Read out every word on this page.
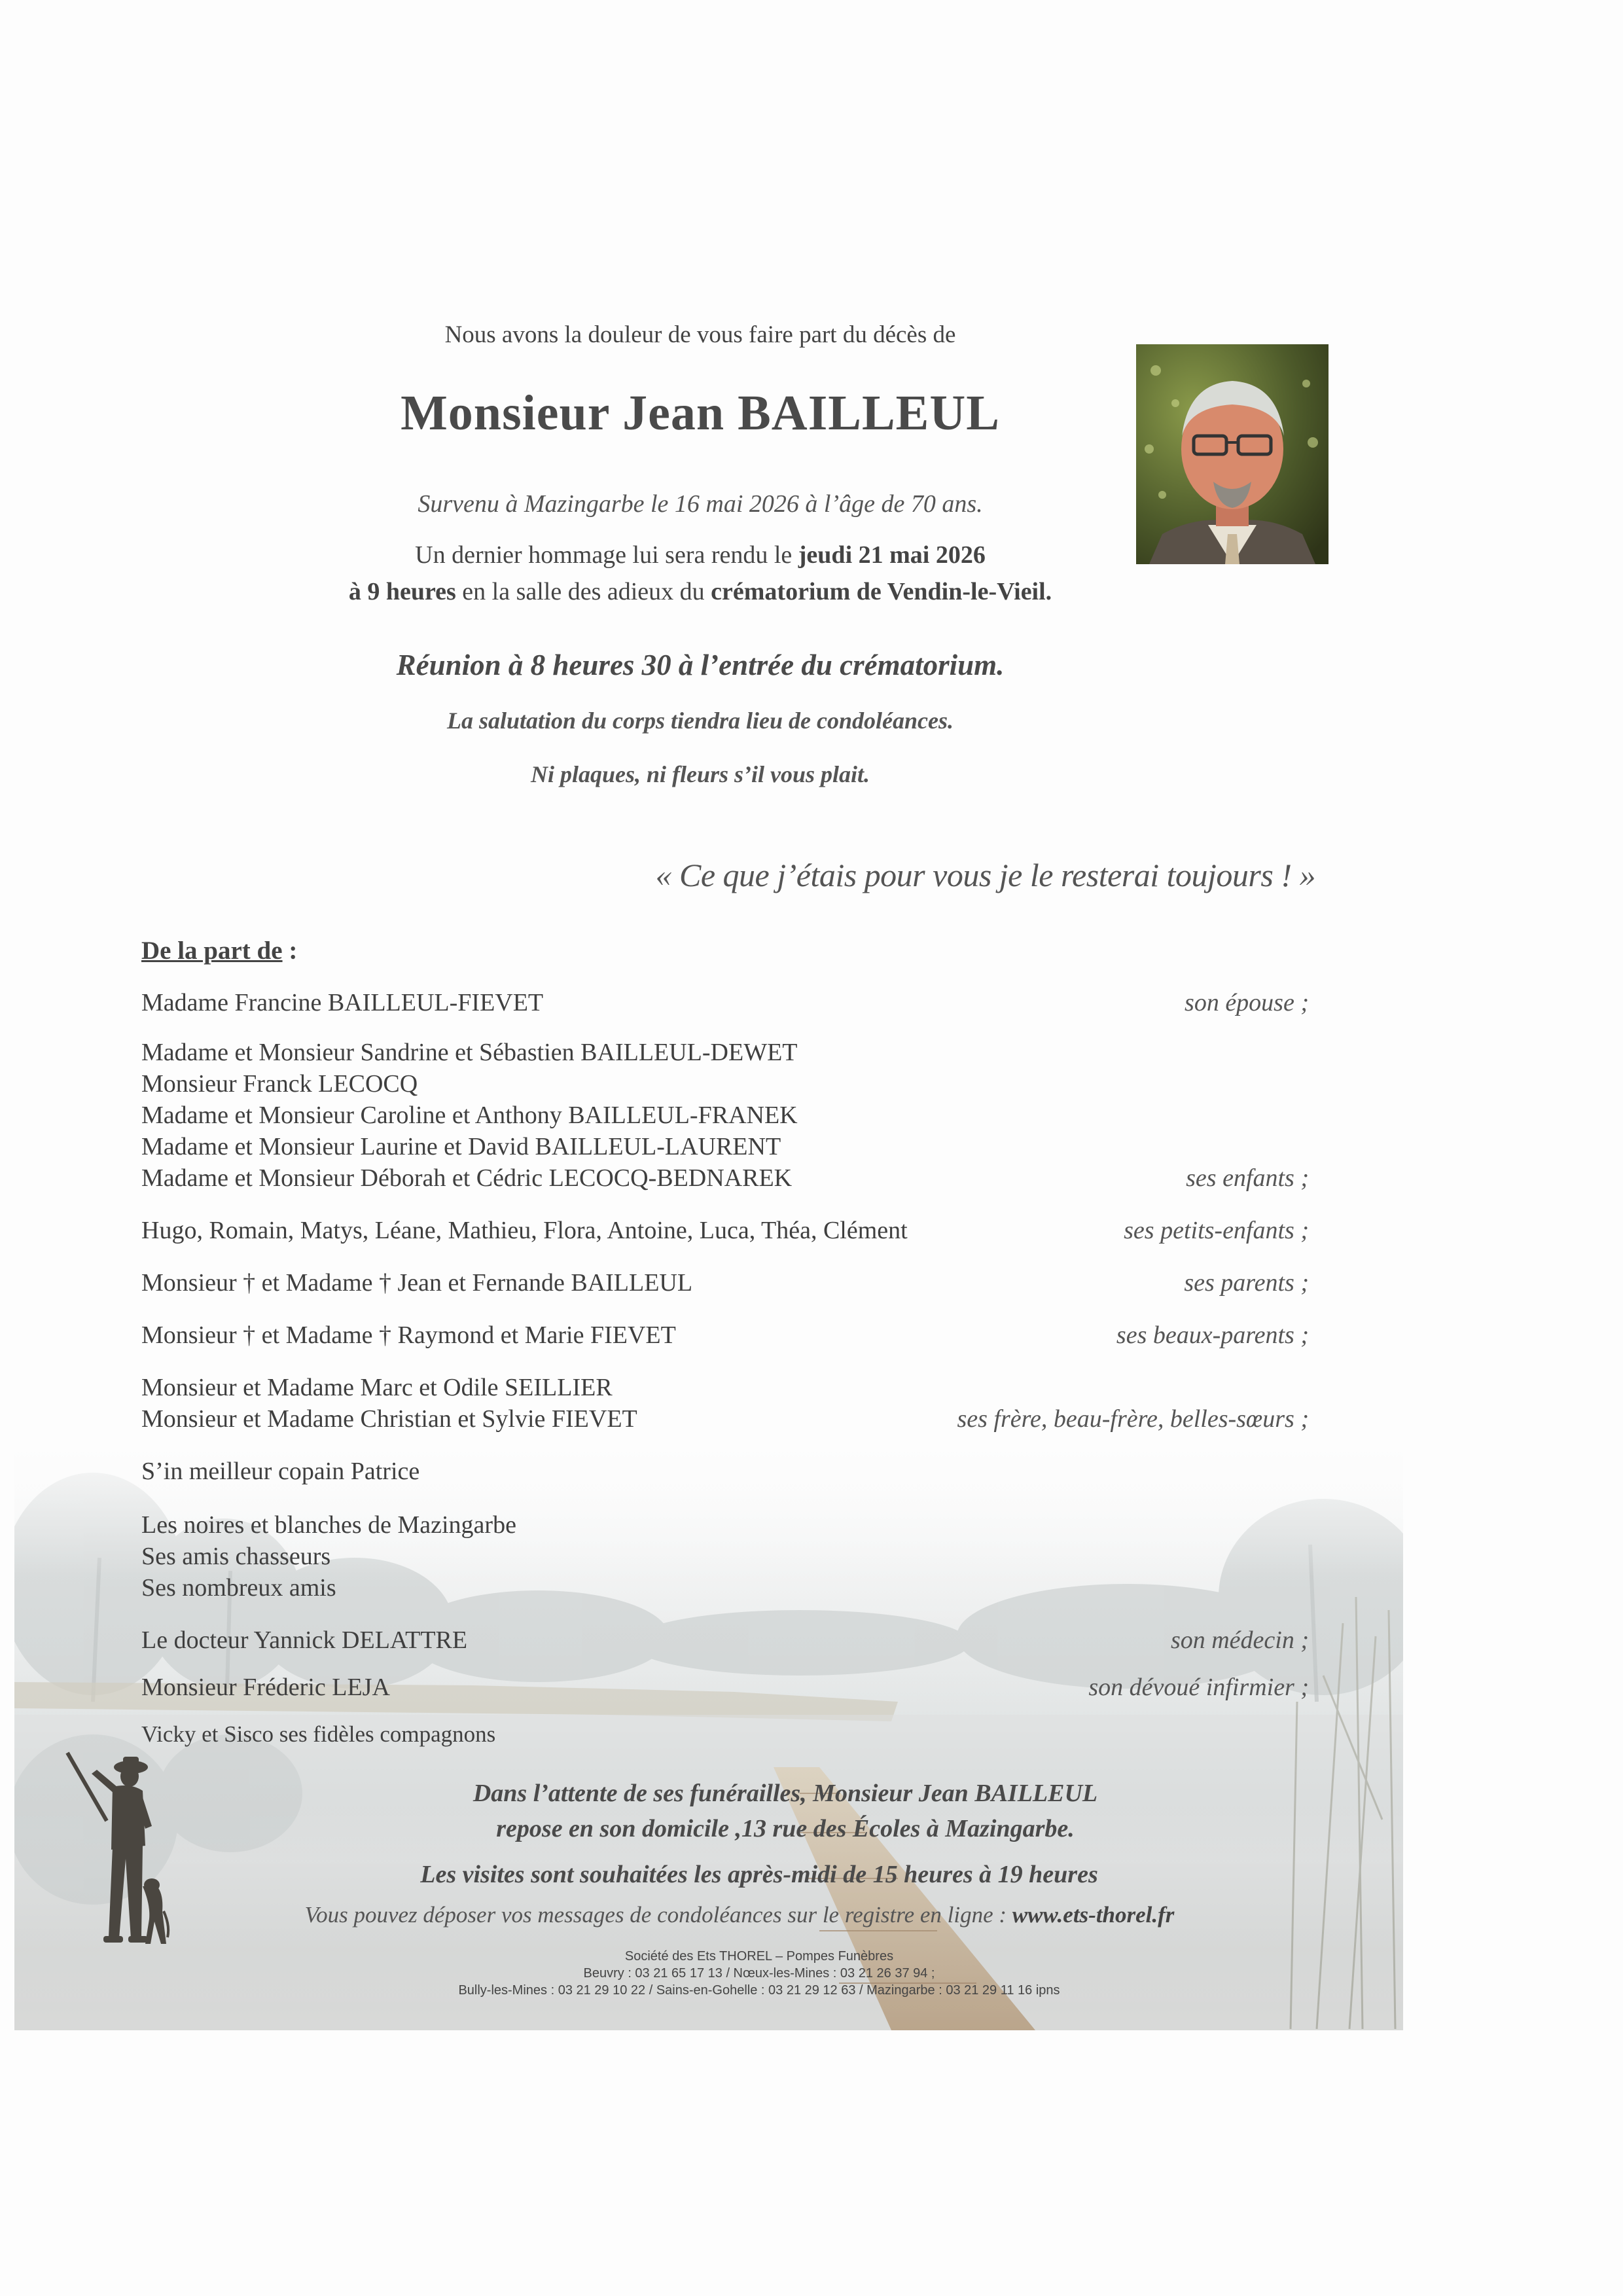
Nous avons la douleur de vous faire part du décès de
Monsieur Jean BAILLEUL
Survenu à Mazingarbe le 16 mai 2026 à l’âge de 70 ans.
Un dernier hommage lui sera rendu le jeudi 21 mai 2026
à 9 heures en la salle des adieux du crématorium de Vendin-le-Vieil.
Réunion à 8 heures 30 à l’entrée du crématorium.
La salutation du corps tiendra lieu de condoléances.
Ni plaques, ni fleurs s’il vous plait.
« Ce que j’étais pour vous je le resterai toujours ! »
De la part de :
Madame Francine BAILLEUL-FIEVET	son épouse ;
Madame et Monsieur Sandrine et Sébastien BAILLEUL-DEWET
Monsieur Franck LECOCQ
Madame et Monsieur Caroline et Anthony BAILLEUL-FRANEK
Madame et Monsieur Laurine et David BAILLEUL-LAURENT
Madame et Monsieur Déborah et Cédric LECOCQ-BEDNAREK	ses enfants ;
Hugo, Romain, Matys, Léane, Mathieu, Flora, Antoine, Luca, Théa, Clément	ses petits-enfants ;
Monsieur † et Madame † Jean et Fernande BAILLEUL	ses parents ;
Monsieur † et Madame † Raymond et Marie FIEVET	ses beaux-parents ;
Monsieur et Madame Marc et Odile SEILLIER
Monsieur et Madame Christian et Sylvie FIEVET	ses frère, beau-frère, belles-sœurs ;
S’in meilleur copain Patrice
Les noires et blanches de Mazingarbe
Ses amis chasseurs
Ses nombreux amis
Le docteur Yannick DELATTRE	son médecin ;
Monsieur Fréderic LEJA	son dévoué infirmier ;
Vicky et Sisco ses fidèles compagnons
Dans l’attente de ses funérailles, Monsieur Jean BAILLEUL
repose en son domicile ,13 rue des Écoles à Mazingarbe.
Les visites sont souhaitées les après-midi de 15 heures à 19 heures
Vous pouvez déposer vos messages de condoléances sur le registre en ligne : www.ets-thorel.fr
Société des Ets THOREL – Pompes Funèbres
Beuvry : 03 21 65 17 13 / Nœux-les-Mines : 03 21 26 37 94 ;
Bully-les-Mines : 03 21 29 10 22 / Sains-en-Gohelle : 03 21 29 12 63 / Mazingarbe : 03 21 29 11 16 ipns
